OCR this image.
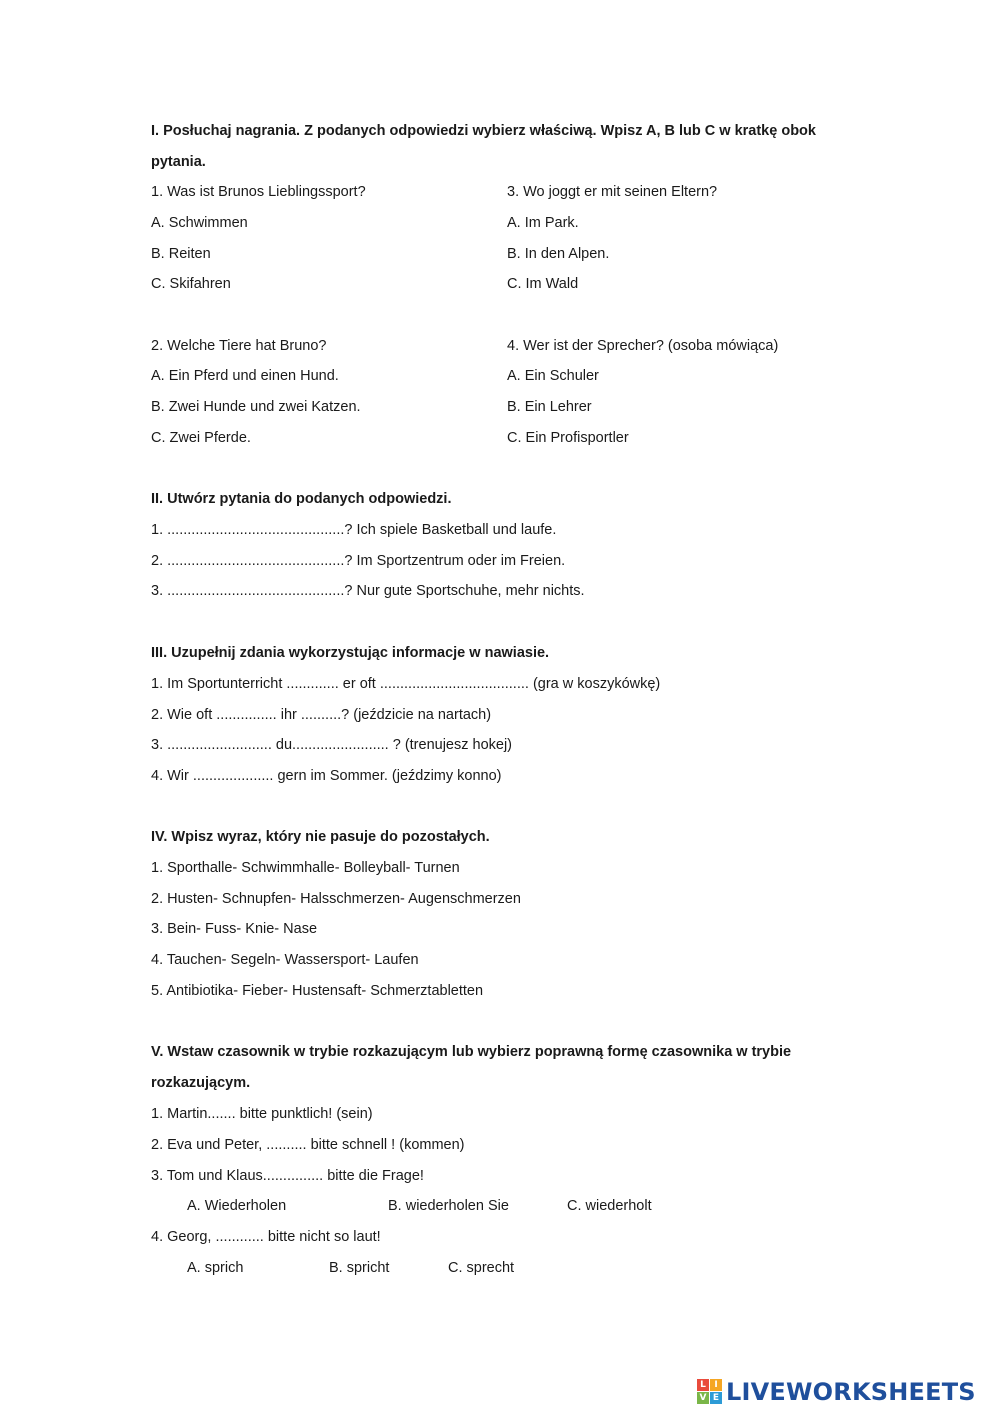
I. Posłuchaj nagrania. Z podanych odpowiedzi wybierz właściwą. Wpisz A, B lub C w kratkę obok
pytania.
1. Was ist Brunos Lieblingssport?
A. Schwimmen
B. Reiten
C. Skifahren
3. Wo joggt er mit seinen Eltern?
A. Im Park.
B. In den Alpen.
C. Im Wald
2. Welche Tiere hat Bruno?
A. Ein Pferd und einen Hund.
B. Zwei Hunde und zwei Katzen.
C. Zwei Pferde.
4. Wer ist der Sprecher? (osoba mówiąca)
A. Ein Schuler
B. Ein Lehrer
C. Ein Profisportler
II. Utwórz pytania do podanych odpowiedzi.
1. ............................................? Ich spiele Basketball und laufe.
2. ............................................? Im Sportzentrum oder im Freien.
3. ............................................? Nur gute Sportschuhe, mehr nichts.
III. Uzupełnij zdania wykorzystując informacje w nawiasie.
1. Im Sportunterricht ............. er oft ..................................... (gra w koszykówkę)
2. Wie oft ............... ihr ..........? (jeździcie na nartach)
3. .......................... du........................ ? (trenujesz hokej)
4. Wir .................... gern im Sommer. (jeździmy konno)
IV. Wpisz wyraz, który nie pasuje do pozostałych.
1. Sporthalle- Schwimmhalle- Bolleyball- Turnen
2. Husten- Schnupfen- Halsschmerzen- Augenschmerzen
3. Bein- Fuss- Knie- Nase
4. Tauchen- Segeln- Wassersport- Laufen
5. Antibiotika- Fieber- Hustensaft- Schmerztabletten
V. Wstaw czasownik w trybie rozkazującym lub wybierz poprawną formę czasownika w trybie
rozkazującym.
1. Martin....... bitte punktlich! (sein)
2. Eva und Peter, .......... bitte schnell ! (kommen)
3. Tom und Klaus............... bitte die Frage!
A. Wiederholen	B. wiederholen Sie	C. wiederholt
4. Georg, ............ bitte nicht so laut!
A. sprich	B. spricht	C. sprecht
L I
V E LIVEWORKSHEETS
